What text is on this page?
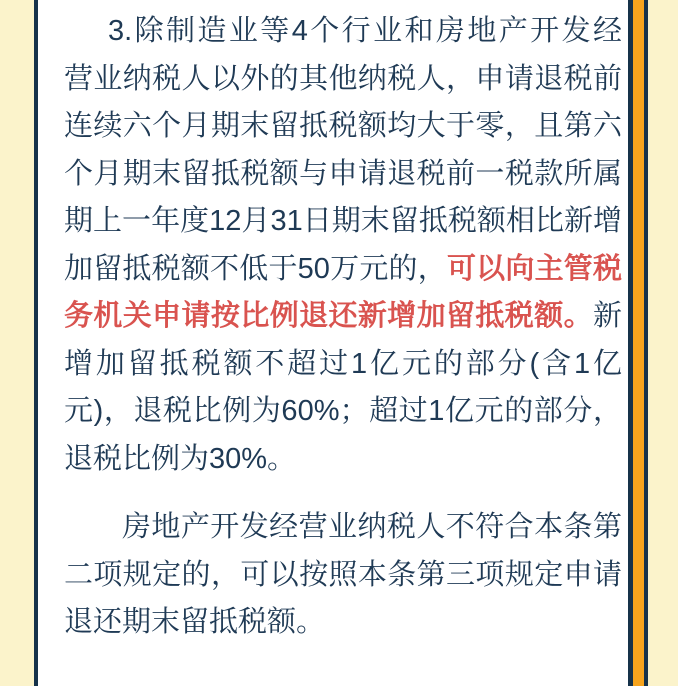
3.除制造业等4个行业和房地产开发经
营业纳税人以外的其他纳税人，申请退税前
连续六个月期末留抵税额均大于零，且第六
个月期末留抵税额与申请退税前一税款所属
期上一年度12月31日期末留抵税额相比新增
加留抵税额不低于50万元的，可以向主管税
务机关申请按比例退还新增加留抵税额。新
增加留抵税额不超过1亿元的部分(含1亿
元)，退税比例为60%；超过1亿元的部分，
退税比例为30%。
房地产开发经营业纳税人不符合本条第
二项规定的，可以按照本条第三项规定申请
退还期末留抵税额。
